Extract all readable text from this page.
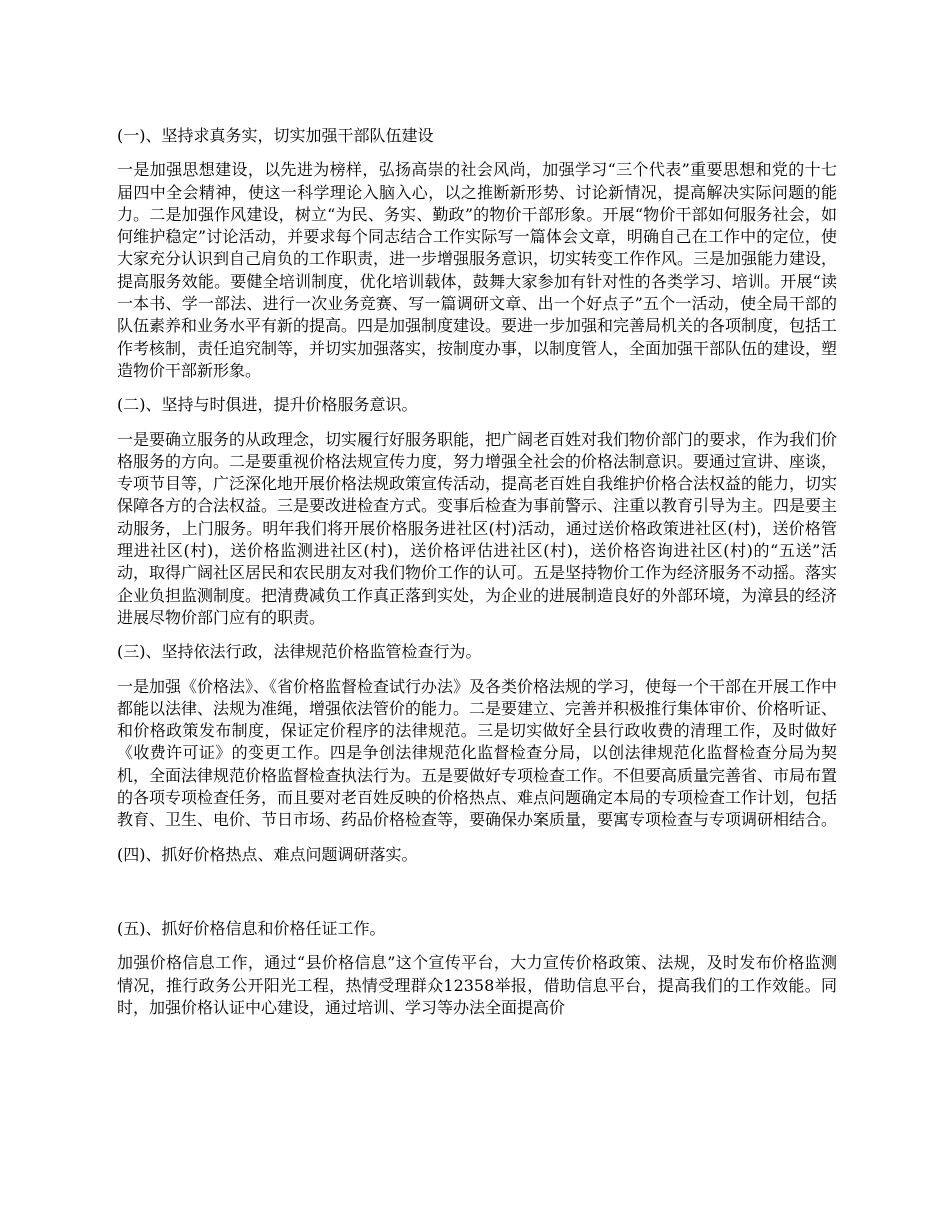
(一)、坚持求真务实，切实加强干部队伍建设
一是加强思想建设，以先进为榜样，弘扬高崇的社会风尚，加强学习“三个代表”重要思想和党的十七届四中全会精神，使这一科学理论入脑入心，以之推断新形势、讨论新情况，提高解决实际问题的能力。二是加强作风建设，树立“为民、务实、勤政”的物价干部形象。开展“物价干部如何服务社会，如何维护稳定”讨论活动，并要求每个同志结合工作实际写一篇体会文章，明确自己在工作中的定位，使大家充分认识到自己肩负的工作职责，进一步增强服务意识，切实转变工作作风。三是加强能力建设，提高服务效能。要健全培训制度，优化培训载体，鼓舞大家参加有针对性的各类学习、培训。开展“读一本书、学一部法、进行一次业务竞赛、写一篇调研文章、出一个好点子”五个一活动，使全局干部的队伍素养和业务水平有新的提高。四是加强制度建设。要进一步加强和完善局机关的各项制度，包括工作考核制，责任追究制等，并切实加强落实，按制度办事，以制度管人，全面加强干部队伍的建设，塑造物价干部新形象。
(二)、坚持与时俱进，提升价格服务意识。
一是要确立服务的从政理念，切实履行好服务职能，把广阔老百姓对我们物价部门的要求，作为我们价格服务的方向。二是要重视价格法规宣传力度，努力增强全社会的价格法制意识。要通过宣讲、座谈，专项节目等，广泛深化地开展价格法规政策宣传活动，提高老百姓自我维护价格合法权益的能力，切实保障各方的合法权益。三是要改进检查方式。变事后检查为事前警示、注重以教育引导为主。四是要主动服务，上门服务。明年我们将开展价格服务进社区(村)活动，通过送价格政策进社区(村)，送价格管理进社区(村)，送价格监测进社区(村)，送价格评估进社区(村)，送价格咨询进社区(村)的“五送”活动，取得广阔社区居民和农民朋友对我们物价工作的认可。五是坚持物价工作为经济服务不动摇。落实企业负担监测制度。把清费减负工作真正落到实处，为企业的进展制造良好的外部环境，为漳县的经济进展尽物价部门应有的职责。
(三)、坚持依法行政，法律规范价格监管检查行为。
一是加强《价格法》、《省价格监督检查试行办法》及各类价格法规的学习，使每一个干部在开展工作中都能以法律、法规为准绳，增强依法管价的能力。二是要建立、完善并积极推行集体审价、价格听证、和价格政策发布制度，保证定价程序的法律规范。三是切实做好全县行政收费的清理工作，及时做好《收费许可证》的变更工作。四是争创法律规范化监督检查分局，以创法律规范化监督检查分局为契机，全面法律规范价格监督检查执法行为。五是要做好专项检查工作。不但要高质量完善省、市局布置的各项专项检查任务，而且要对老百姓反映的价格热点、难点问题确定本局的专项检查工作计划，包括教育、卫生、电价、节日市场、药品价格检查等，要确保办案质量，要寓专项检查与专项调研相结合。
(四)、抓好价格热点、难点问题调研落实。
(五)、抓好价格信息和价格任证工作。
加强价格信息工作，通过“县价格信息”这个宣传平台，大力宣传价格政策、法规，及时发布价格监测情况，推行政务公开阳光工程，热情受理群众12358举报，借助信息平台，提高我们的工作效能。同时，加强价格认证中心建设，通过培训、学习等办法全面提高价
